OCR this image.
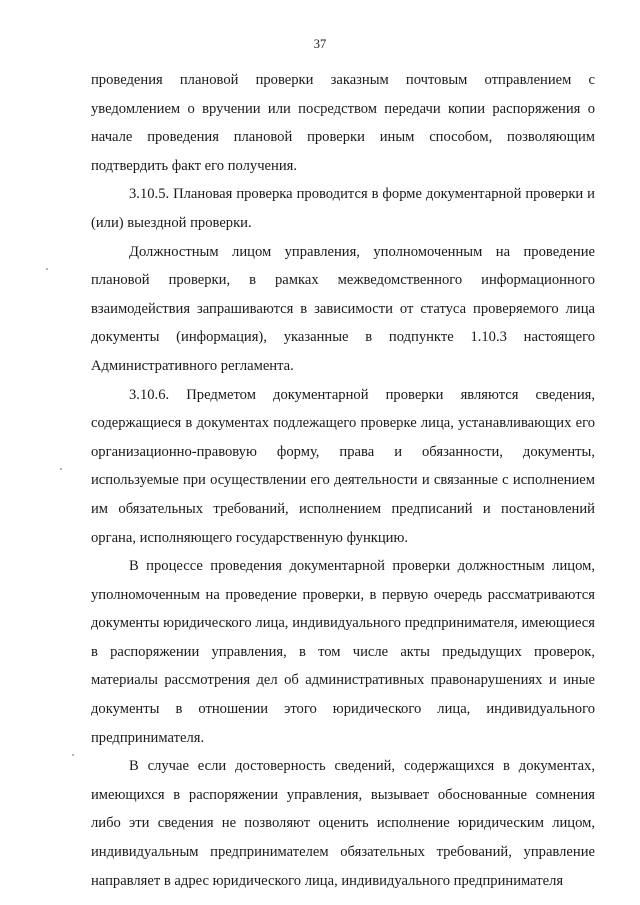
37

проведения плановой проверки заказным почтовым отправлением с уведомлением о вручении или посредством передачи копии распоряжения о начале проведения плановой проверки иным способом, позволяющим подтвердить факт его получения.

3.10.5. Плановая проверка проводится в форме документарной проверки и (или) выездной проверки.

Должностным лицом управления, уполномоченным на проведение плановой проверки, в рамках межведомственного информационного взаимодействия запрашиваются в зависимости от статуса проверяемого лица документы (информация), указанные в подпункте 1.10.3 настоящего Административного регламента.

3.10.6. Предметом документарной проверки являются сведения, содержащиеся в документах подлежащего проверке лица, устанавливающих его организационно-правовую форму, права и обязанности, документы, используемые при осуществлении его деятельности и связанные с исполнением им обязательных требований, исполнением предписаний и постановлений органа, исполняющего государственную функцию.

В процессе проведения документарной проверки должностным лицом, уполномоченным на проведение проверки, в первую очередь рассматриваются документы юридического лица, индивидуального предпринимателя, имеющиеся в распоряжении управления, в том числе акты предыдущих проверок, материалы рассмотрения дел об административных правонарушениях и иные документы в отношении этого юридического лица, индивидуального предпринимателя.

В случае если достоверность сведений, содержащихся в документах, имеющихся в распоряжении управления, вызывает обоснованные сомнения либо эти сведения не позволяют оценить исполнение юридическим лицом, индивидуальным предпринимателем обязательных требований, управление направляет в адрес юридического лица, индивидуального предпринимателя
